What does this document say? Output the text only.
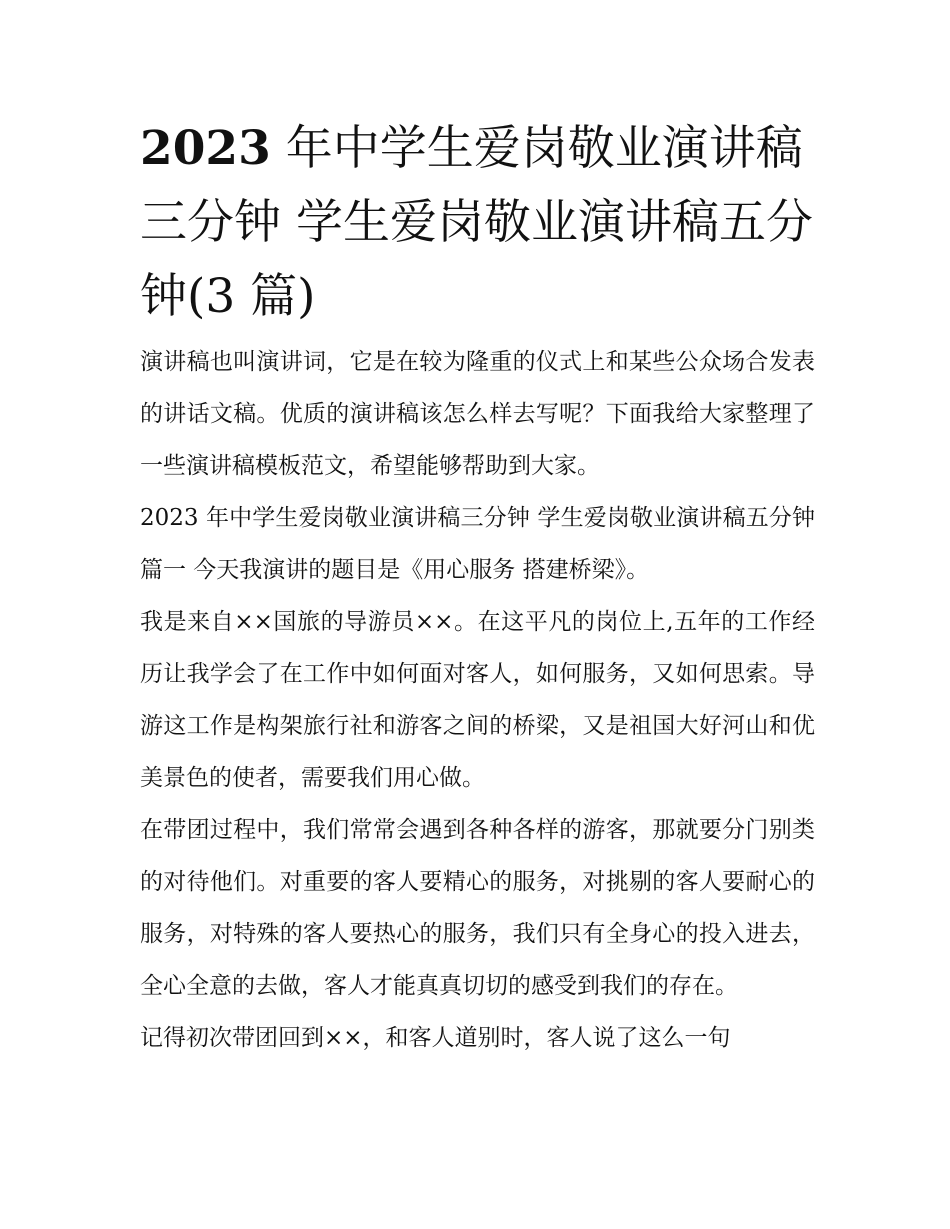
2023 年中学生爱岗敬业演讲稿三分钟 学生爱岗敬业演讲稿五分钟(3 篇)

演讲稿也叫演讲词，它是在较为隆重的仪式上和某些公众场合发表的讲话文稿。优质的演讲稿该怎么样去写呢？下面我给大家整理了一些演讲稿模板范文，希望能够帮助到大家。

2023 年中学生爱岗敬业演讲稿三分钟 学生爱岗敬业演讲稿五分钟篇一 今天我演讲的题目是《用心服务 搭建桥梁》。

我是来自××国旅的导游员××。在这平凡的岗位上,五年的工作经历让我学会了在工作中如何面对客人，如何服务，又如何思索。导游这工作是构架旅行社和游客之间的桥梁，又是祖国大好河山和优美景色的使者，需要我们用心做。

在带团过程中，我们常常会遇到各种各样的游客，那就要分门别类的对待他们。对重要的客人要精心的服务，对挑剔的客人要耐心的服务，对特殊的客人要热心的服务，我们只有全身心的投入进去，全心全意的去做，客人才能真真切切的感受到我们的存在。

记得初次带团回到××，和客人道别时，客人说了这么一句
